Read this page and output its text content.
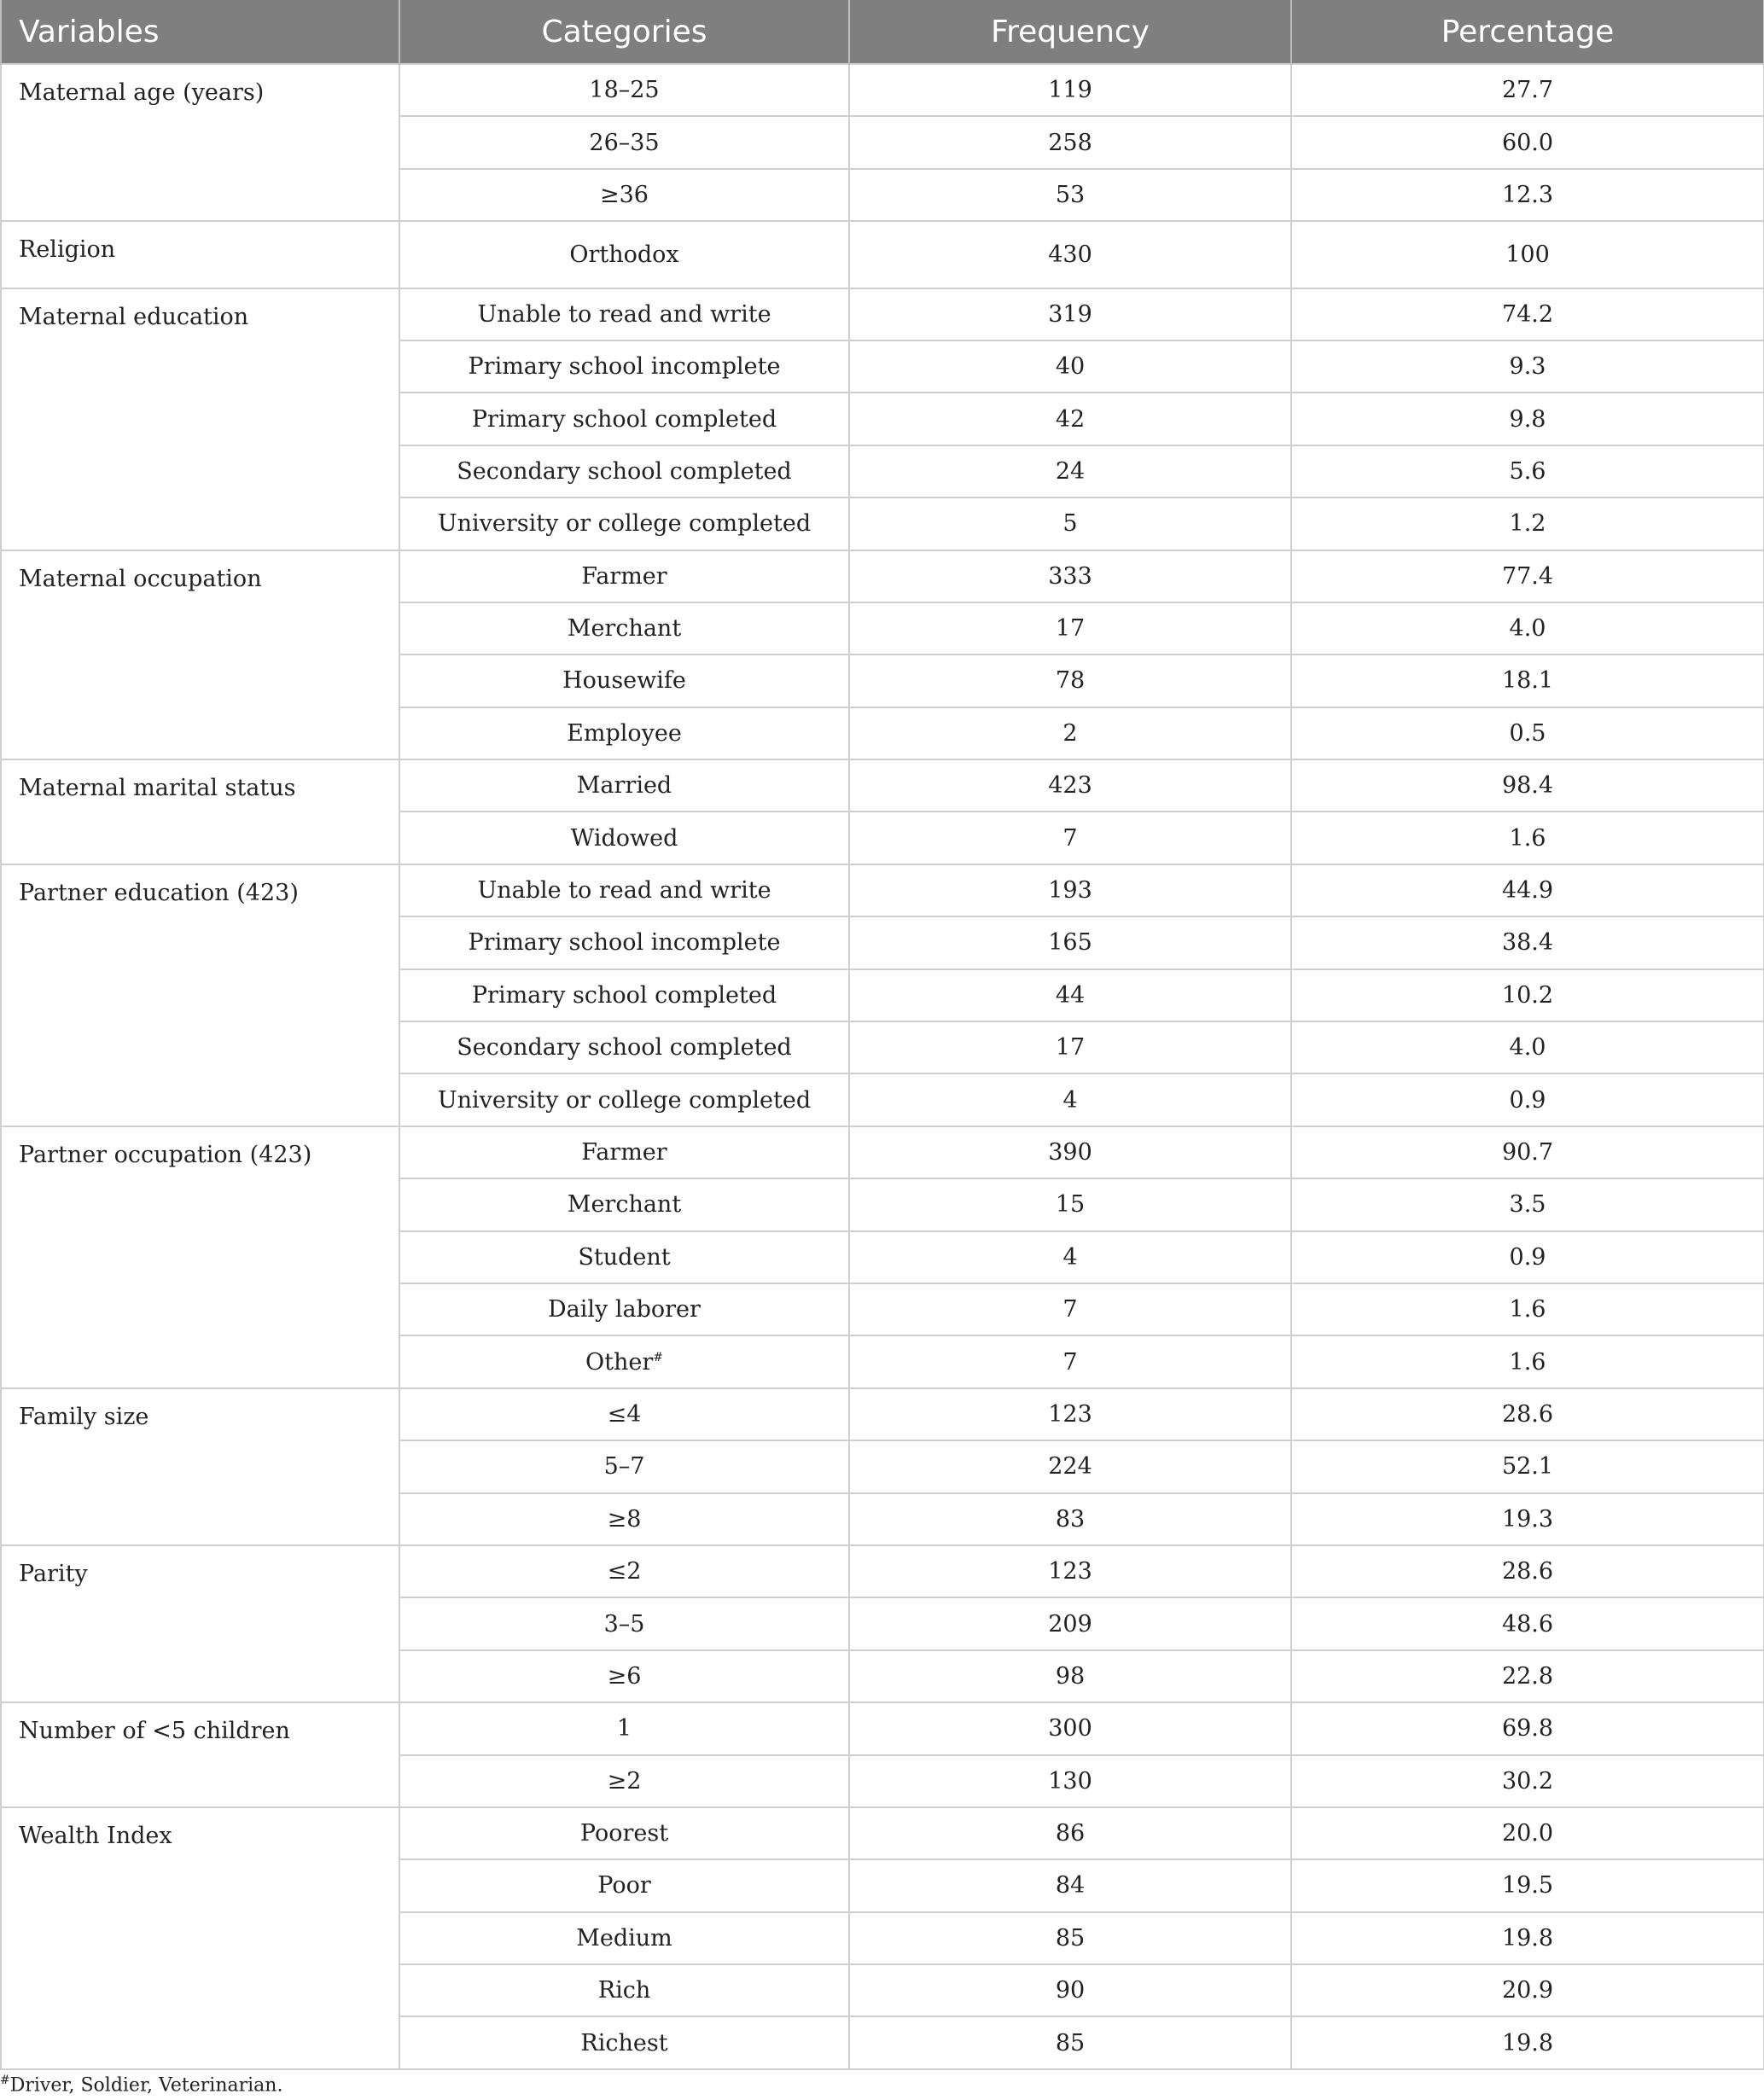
Variables	Categories	Frequency	Percentage
Maternal age (years)	18–25	119	27.7
	26–35	258	60.0
	≥36	53	12.3
Religion	Orthodox	430	100
Maternal education	Unable to read and write	319	74.2
	Primary school incomplete	40	9.3
	Primary school completed	42	9.8
	Secondary school completed	24	5.6
	University or college completed	5	1.2
Maternal occupation	Farmer	333	77.4
	Merchant	17	4.0
	Housewife	78	18.1
	Employee	2	0.5
Maternal marital status	Married	423	98.4
	Widowed	7	1.6
Partner education (423)	Unable to read and write	193	44.9
	Primary school incomplete	165	38.4
	Primary school completed	44	10.2
	Secondary school completed	17	4.0
	University or college completed	4	0.9
Partner occupation (423)	Farmer	390	90.7
	Merchant	15	3.5
	Student	4	0.9
	Daily laborer	7	1.6
	Other#	7	1.6
Family size	≤4	123	28.6
	5–7	224	52.1
	≥8	83	19.3
Parity	≤2	123	28.6
	3–5	209	48.6
	≥6	98	22.8
Number of <5 children	1	300	69.8
	≥2	130	30.2
Wealth Index	Poorest	86	20.0
	Poor	84	19.5
	Medium	85	19.8
	Rich	90	20.9
	Richest	85	19.8
#Driver, Soldier, Veterinarian.
